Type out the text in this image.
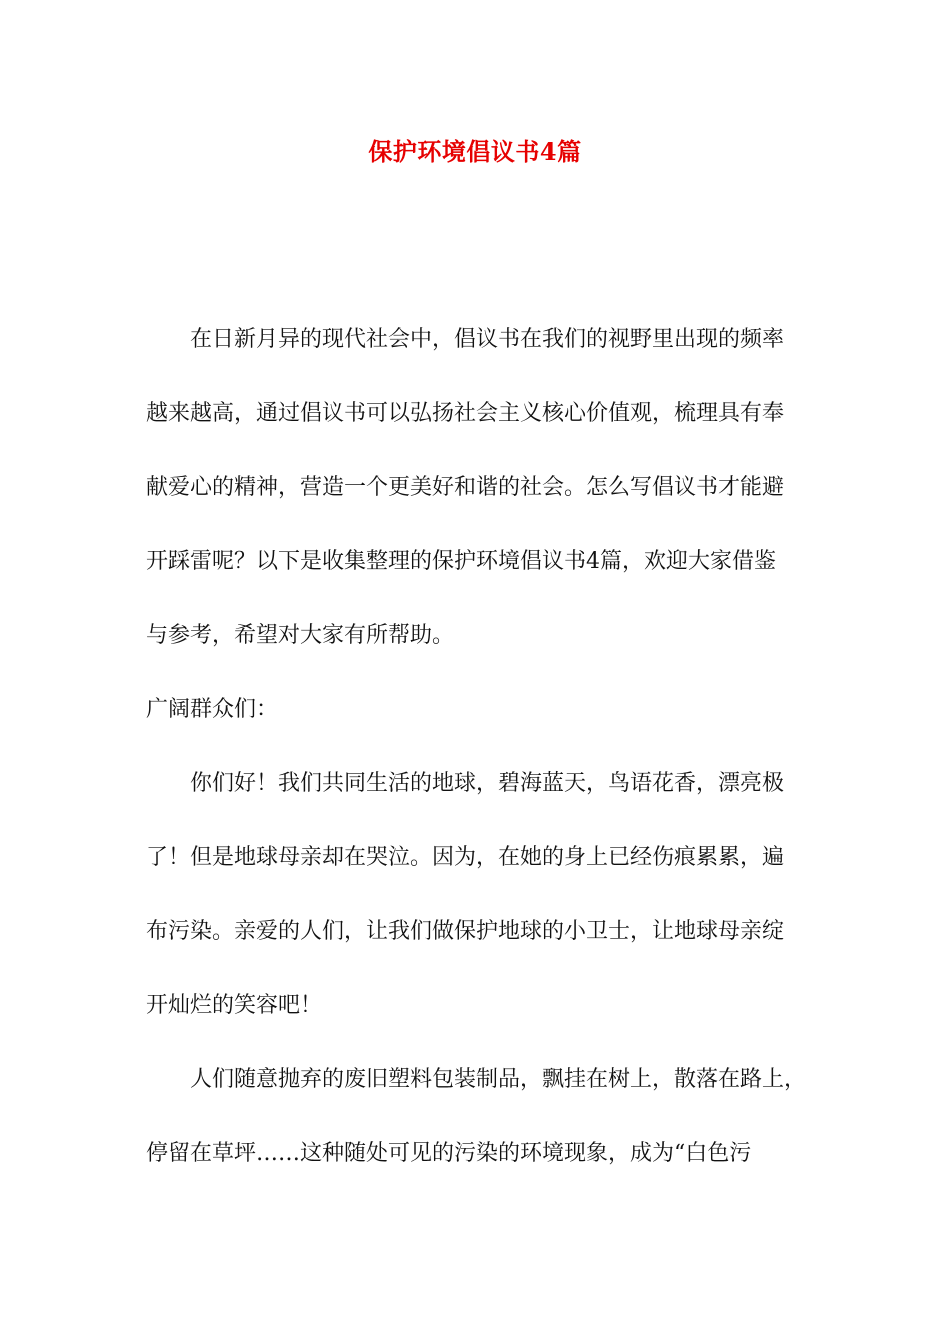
保护环境倡议书4篇
　　在日新月异的现代社会中，倡议书在我们的视野里出现的频率
越来越高，通过倡议书可以弘扬社会主义核心价值观，梳理具有奉
献爱心的精神，营造一个更美好和谐的社会。怎么写倡议书才能避
开踩雷呢？以下是收集整理的保护环境倡议书4篇，欢迎大家借鉴
与参考，希望对大家有所帮助。
广阔群众们：
　　你们好！我们共同生活的地球，碧海蓝天，鸟语花香，漂亮极
了！但是地球母亲却在哭泣。因为，在她的身上已经伤痕累累，遍
布污染。亲爱的人们，让我们做保护地球的小卫士，让地球母亲绽
开灿烂的笑容吧！
　　人们随意抛弃的废旧塑料包装制品，飘挂在树上，散落在路上，
停留在草坪……这种随处可见的污染的环境现象，成为“白色污
